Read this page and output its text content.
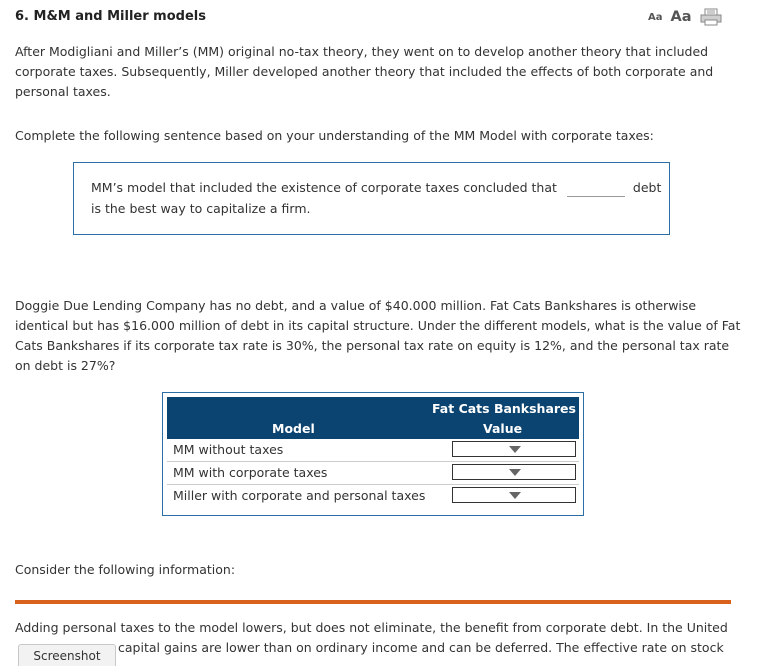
6. M&M and Miller models	Aa Aa

After Modigliani and Miller’s (MM) original no-tax theory, they went on to develop another theory that included corporate taxes. Subsequently, Miller developed another theory that included the effects of both corporate and personal taxes.

Complete the following sentence based on your understanding of the MM Model with corporate taxes:

MM’s model that included the existence of corporate taxes concluded that	debt
is the best way to capitalize a firm.

Doggie Due Lending Company has no debt, and a value of $40.000 million. Fat Cats Bankshares is otherwise identical but has $16.000 million of debt in its capital structure. Under the different models, what is the value of Fat Cats Bankshares if its corporate tax rate is 30%, the personal tax rate on equity is 12%, and the personal tax rate on debt is 27%?

Model
Fat Cats Bankshares
Value
MM without taxes
MM with corporate taxes
Miller with corporate and personal taxes
Consider the following information:

Adding personal taxes to the model lowers, but does not eliminate, the benefit from corporate debt. In the United

capital gains are lower than on ordinary income and can be deferred. The effective rate on stock

Screenshot
